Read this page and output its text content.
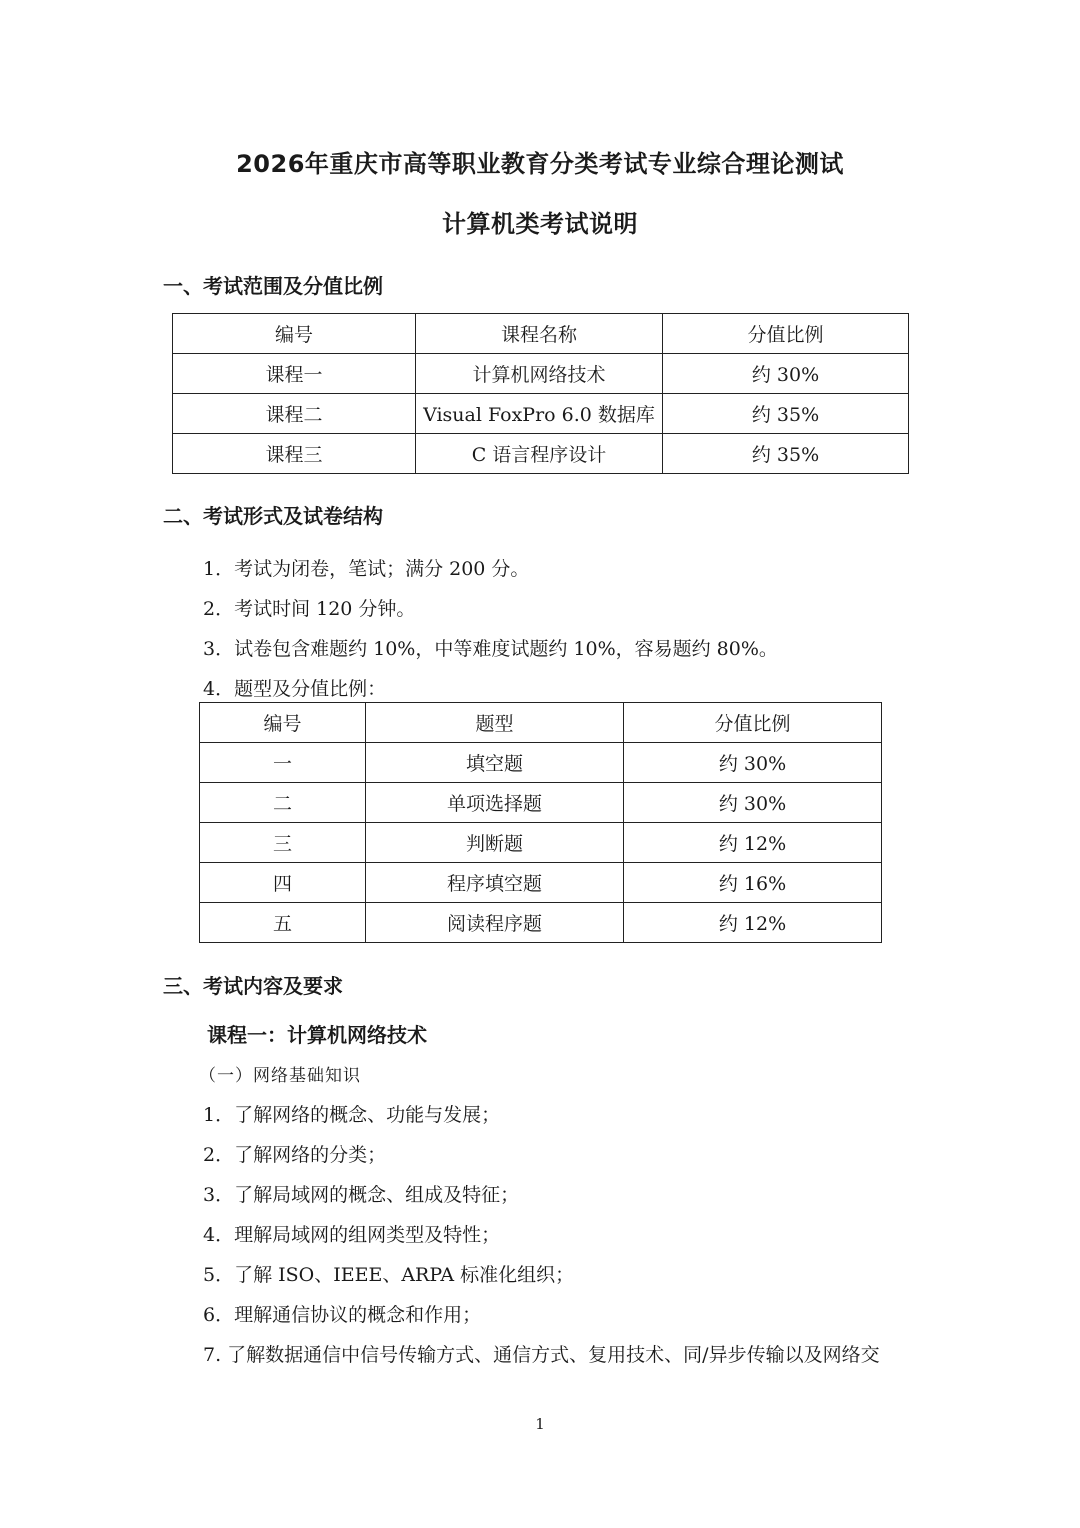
2026年重庆市高等职业教育分类考试专业综合理论测试
计算机类考试说明
一、考试范围及分值比例
编号	课程名称	分值比例
课程一	计算机网络技术	约 30%
课程二	Visual FoxPro 6.0 数据库	约 35%
课程三	C 语言程序设计	约 35%
二、考试形式及试卷结构
1．考试为闭卷，笔试；满分 200 分。
2．考试时间 120 分钟。
3．试卷包含难题约 10%，中等难度试题约 10%，容易题约 80%。
4．题型及分值比例：
编号	题型	分值比例
一	填空题	约 30%
二	单项选择题	约 30%
三	判断题	约 12%
四	程序填空题	约 16%
五	阅读程序题	约 12%
三、考试内容及要求
课程一：计算机网络技术
（一）网络基础知识
1．了解网络的概念、功能与发展；
2．了解网络的分类；
3．了解局域网的概念、组成及特征；
4．理解局域网的组网类型及特性；
5．了解 ISO、IEEE、ARPA 标准化组织；
6．理解通信协议的概念和作用；
7. 了解数据通信中信号传输方式、通信方式、复用技术、同/异步传输以及网络交
1
